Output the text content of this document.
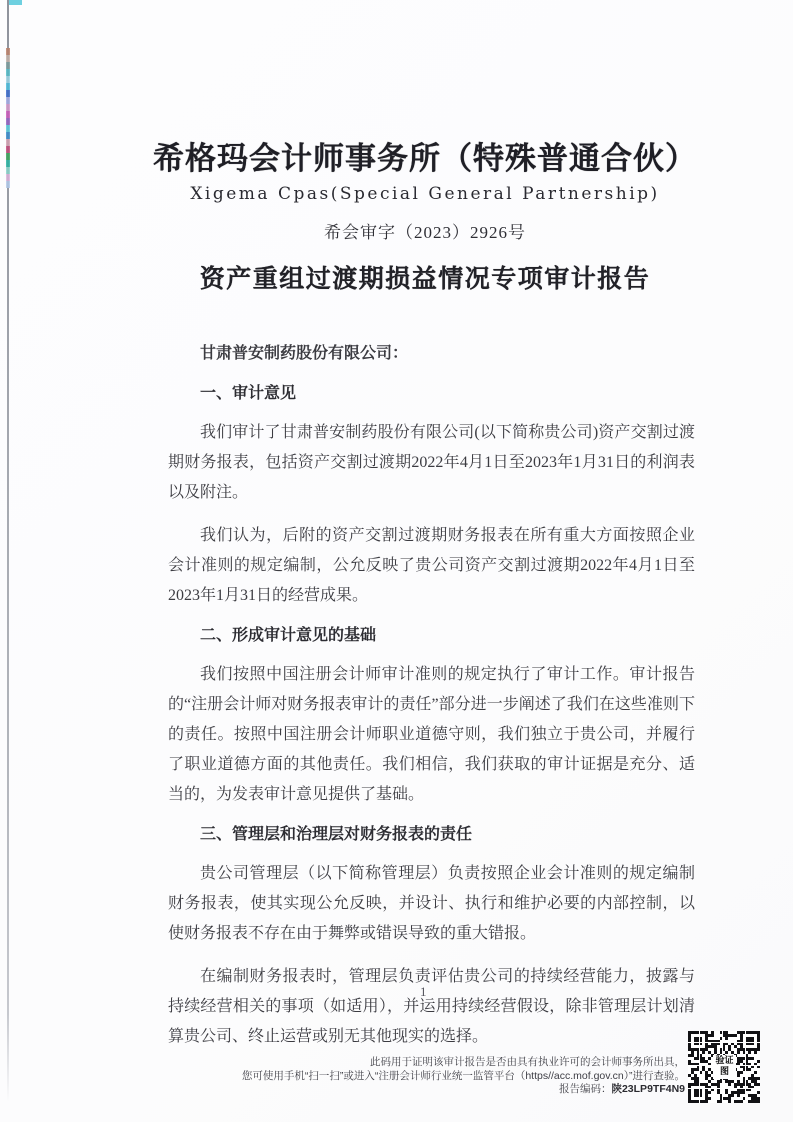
希格玛会计师事务所（特殊普通合伙）
Xigema Cpas(Special General Partnership)
希会审字（2023）2926号
资产重组过渡期损益情况专项审计报告

甘肃普安制药股份有限公司：

一、审计意见

我们审计了甘肃普安制药股份有限公司(以下简称贵公司)资产交割过渡期财务报表，包括资产交割过渡期2022年4月1日至2023年1月31日的利润表以及附注。

我们认为，后附的资产交割过渡期财务报表在所有重大方面按照企业会计准则的规定编制，公允反映了贵公司资产交割过渡期2022年4月1日至2023年1月31日的经营成果。

二、形成审计意见的基础

我们按照中国注册会计师审计准则的规定执行了审计工作。审计报告的“注册会计师对财务报表审计的责任”部分进一步阐述了我们在这些准则下的责任。按照中国注册会计师职业道德守则，我们独立于贵公司，并履行了职业道德方面的其他责任。我们相信，我们获取的审计证据是充分、适当的，为发表审计意见提供了基础。

三、管理层和治理层对财务报表的责任

贵公司管理层（以下简称管理层）负责按照企业会计准则的规定编制财务报表，使其实现公允反映，并设计、执行和维护必要的内部控制，以使财务报表不存在由于舞弊或错误导致的重大错报。

在编制财务报表时，管理层负责评估贵公司的持续经营能力，披露与持续经营相关的事项（如适用），并运用持续经营假设，除非管理层计划清算贵公司、终止运营或别无其他现实的选择。

1
此码用于证明该审计报告是否由具有执业许可的会计师事务所出具，
您可使用手机“扫一扫”或进入“注册会计师行业统一监管平台（https//acc.mof.gov.cn）”进行查验。
报告编码：陕23LP9TF4N9
验证图
